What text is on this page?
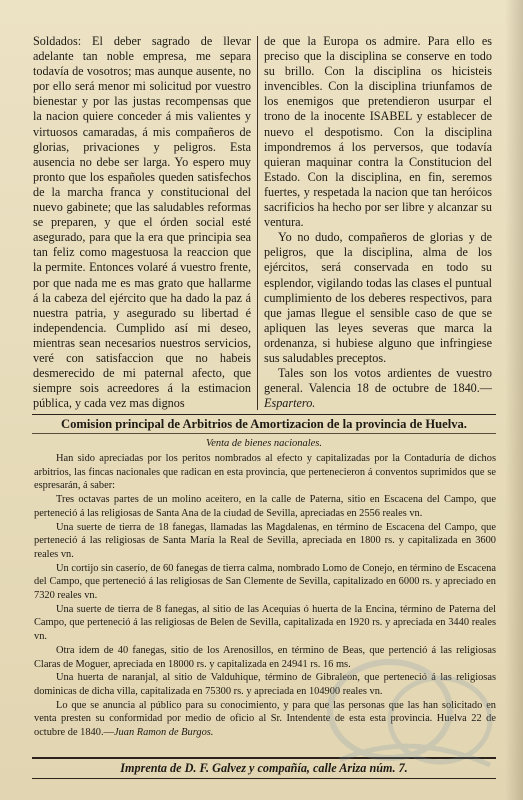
Soldados: El deber sagrado de llevar adelante tan noble empresa, me separa todavía de vosotros; mas aunque ausente, no por ello será menor mi solicitud por vuestro bienestar y por las justas recompensas que la nacion quiere conceder á mis valientes y virtuosos camaradas, á mis compañeros de glorias, privaciones y peligros. Esta ausencia no debe ser larga. Yo espero muy pronto que los españoles queden satisfechos de la marcha franca y constitucional del nuevo gabinete; que las saludables reformas se preparen, y que el órden social esté asegurado, para que la era que principia sea tan feliz como magestuosa la reaccion que la permite. Entonces volaré á vuestro frente, por que nada me es mas grato que hallarme á la cabeza del ejército que ha dado la paz á nuestra patria, y asegurado su libertad é independencia. Cumplido así mi deseo, mientras sean necesarios nuestros servicios, veré con satisfaccion que no habeis desmerecido de mi paternal afecto, que siempre sois acreedores á la estimacion pública, y cada vez mas dignos

de que la Europa os admire. Para ello es preciso que la disciplina se conserve en todo su brillo. Con la disciplina os hicisteis invencibles. Con la disciplina triunfamos de los enemigos que pretendieron usurpar el trono de la inocente ISABEL y establecer de nuevo el despotismo. Con la disciplina impondremos á los perversos, que todavía quieran maquinar contra la Constitucion del Estado. Con la disciplina, en fin, seremos fuertes, y respetada la nacion que tan heróicos sacrificios ha hecho por ser libre y alcanzar su ventura.

Yo no dudo, compañeros de glorias y de peligros, que la disciplina, alma de los ejércitos, será conservada en todo su esplendor, vigilando todas las clases el puntual cumplimiento de los deberes respectivos, para que jamas llegue el sensible caso de que se apliquen las leyes severas que marca la ordenanza, si hubiese alguno que infringiese sus saludables preceptos.

Tales son los votos ardientes de vuestro general. Valencia 18 de octubre de 1840.—Espartero.

Comision principal de Arbitrios de Amortizacion de la provincia de Huelva.
Venta de bienes nacionales.

Han sido apreciadas por los peritos nombrados al efecto y capitalizadas por la Contaduría de dichos arbitrios, las fincas nacionales que radican en esta provincia, que pertenecieron á conventos suprimidos que se espresarán, á saber:

Tres octavas partes de un molino aceitero, en la calle de Paterna, sitio en Escacena del Campo, que perteneció á las religiosas de Santa Ana de la ciudad de Sevilla, apreciadas en 2556 reales vn.

Una suerte de tierra de 18 fanegas, llamadas las Magdalenas, en término de Escacena del Campo, que perteneció á las religiosas de Santa María la Real de Sevilla, apreciada en 1800 rs. y capitalizada en 3600 reales vn.

Un cortijo sin caserío, de 60 fanegas de tierra calma, nombrado Lomo de Conejo, en término de Escacena del Campo, que perteneció á las religiosas de San Clemente de Sevilla, capitalizado en 6000 rs. y apreciado en 7320 reales vn.

Una suerte de tierra de 8 fanegas, al sitio de las Acequias ó huerta de la Encina, término de Paterna del Campo, que perteneció á las religiosas de Belen de Sevilla, capitalizada en 1920 rs. y apreciada en 3440 reales vn.

Otra idem de 40 fanegas, sitio de los Arenosillos, en término de Beas, que pertenció á las religiosas Claras de Moguer, apreciada en 18000 rs. y capitalizada en 24941 rs. 16 ms.

Una huerta de naranjal, al sitio de Valduhique, término de Gibraleon, que perteneció á las religiosas dominicas de dicha villa, capitalizada en 75300 rs. y apreciada en 104900 reales vn.

Lo que se anuncia al público para su conocimiento, y para que las personas que las han solicitado en venta presten su conformidad por medio de oficio al Sr. Intendente de esta esta provincia. Huelva 22 de octubre de 1840.—Juan Ramon de Burgos.

Imprenta de D. F. Galvez y compañía, calle Ariza núm. 7.
